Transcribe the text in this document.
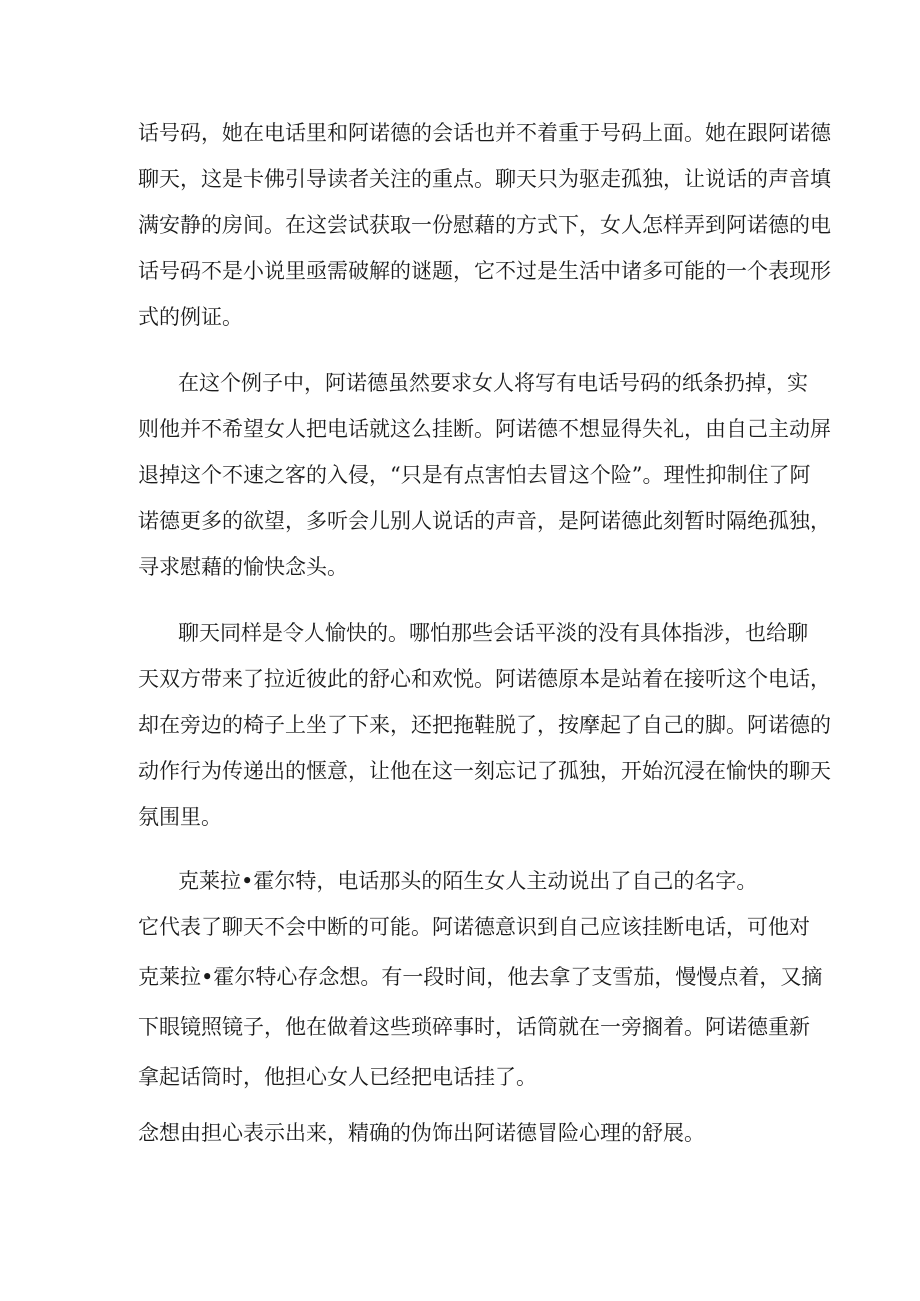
话号码，她在电话里和阿诺德的会话也并不着重于号码上面。她在跟阿诺德
聊天，这是卡佛引导读者关注的重点。聊天只为驱走孤独，让说话的声音填
满安静的房间。在这尝试获取一份慰藉的方式下，女人怎样弄到阿诺德的电
话号码不是小说里亟需破解的谜题，它不过是生活中诸多可能的一个表现形
式的例证。
在这个例子中，阿诺德虽然要求女人将写有电话号码的纸条扔掉，实
则他并不希望女人把电话就这么挂断。阿诺德不想显得失礼，由自己主动屏
退掉这个不速之客的入侵，“只是有点害怕去冒这个险”。理性抑制住了阿
诺德更多的欲望，多听会儿别人说话的声音，是阿诺德此刻暂时隔绝孤独，
寻求慰藉的愉快念头。
聊天同样是令人愉快的。哪怕那些会话平淡的没有具体指涉，也给聊
天双方带来了拉近彼此的舒心和欢悦。阿诺德原本是站着在接听这个电话，
却在旁边的椅子上坐了下来，还把拖鞋脱了，按摩起了自己的脚。阿诺德的
动作行为传递出的惬意，让他在这一刻忘记了孤独，开始沉浸在愉快的聊天
氛围里。
克莱拉•霍尔特，电话那头的陌生女人主动说出了自己的名字。
它代表了聊天不会中断的可能。阿诺德意识到自己应该挂断电话，可他对
克莱拉•霍尔特心存念想。有一段时间，他去拿了支雪茄，慢慢点着，又摘
下眼镜照镜子，他在做着这些琐碎事时，话筒就在一旁搁着。阿诺德重新
拿起话筒时，他担心女人已经把电话挂了。
念想由担心表示出来，精确的伪饰出阿诺德冒险心理的舒展。
